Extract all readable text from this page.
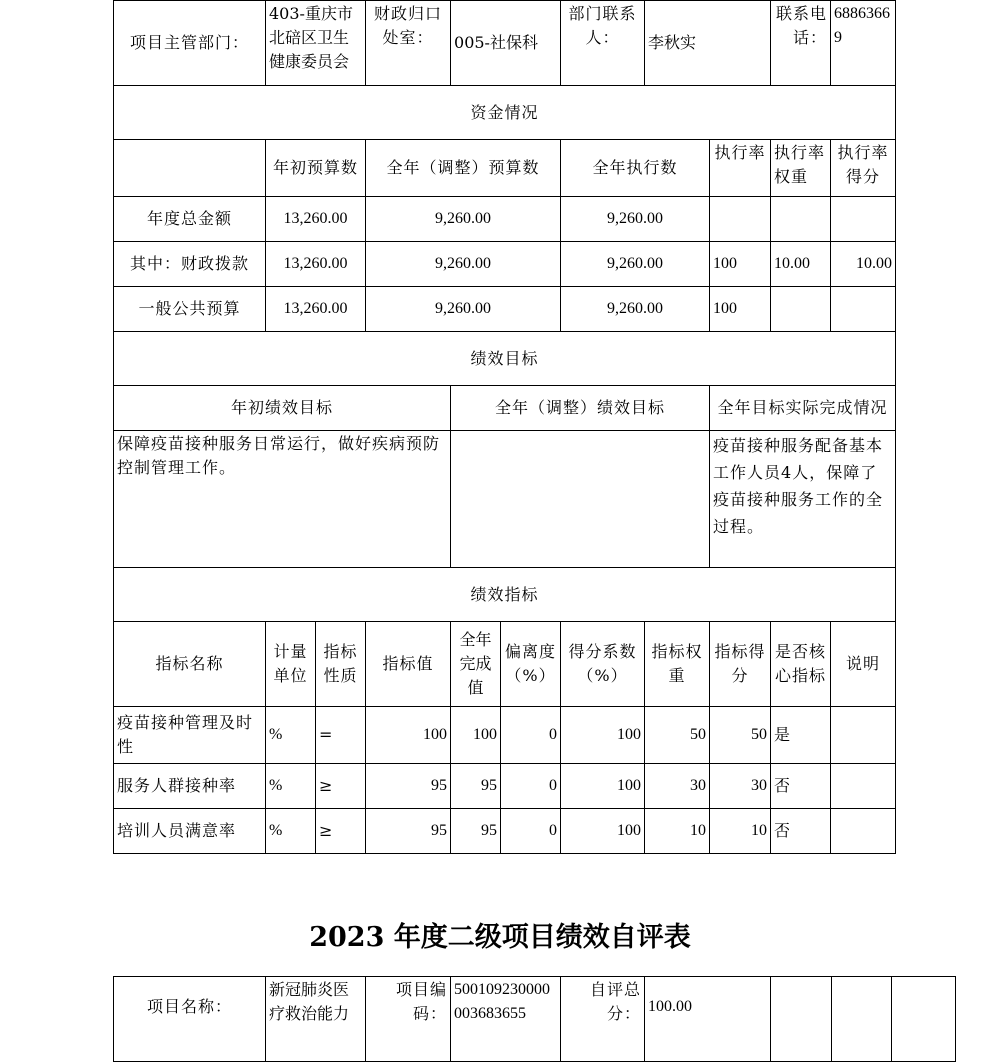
项目主管部门：	403-重庆市北碚区卫生健康委员会	财政归口处室：	005-社保科	部门联系人：	李秋实		联系电话：	68863669
资金情况								
	年初预算数	全年（调整）预算数		全年执行数		执行率	执行率权重	执行率得分
年度总金额	13,260.00	9,260.00		9,260.00				
其中：财政拨款	13,260.00	9,260.00		9,260.00		100	10.00	10.00
一般公共预算	13,260.00	9,260.00		9,260.00		100		
绩效目标								
年初绩效目标			全年（调整）绩效目标			全年目标实际完成情况		
保障疫苗接种服务日常运行，做好疾病预防控制管理工作。						疫苗接种服务配备基本工作人员4人，保障了疫苗接种服务工作的全过程。		
绩效指标								
指标名称	计量单位	指标性质	指标值	全年完成值	偏离度（%）	得分系数（%）	指标权重	指标得分	是否核心指标	说明
疫苗接种管理及时性	%	=	100	100	0	100	50	50	是	
服务人群接种率	%	≥	95	95	0	100	30	30	否	
培训人员满意率	%	≥	95	95	0	100	10	10	否	
2023 年度二级项目绩效自评表
项目名称：	新冠肺炎医疗救治能力	项目编码：	500109230000003683655	自评总分：	100.00			
